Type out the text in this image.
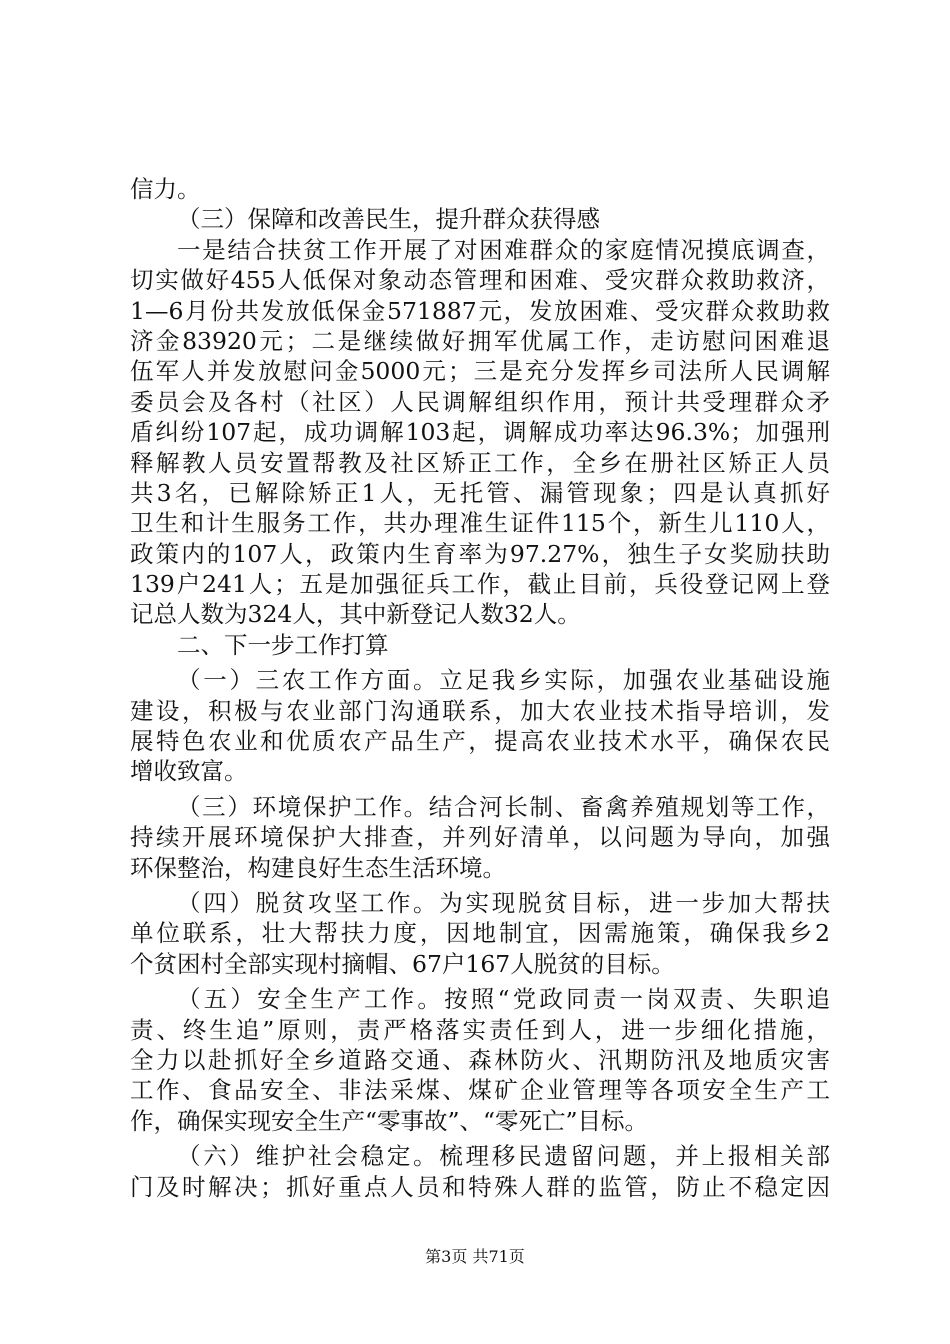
信力。
（三）保障和改善民生，提升群众获得感
一是结合扶贫工作开展了对困难群众的家庭情况摸底调查，
切实做好455人低保对象动态管理和困难、受灾群众救助救济，
1—6月份共发放低保金571887元，发放困难、受灾群众救助救
济金83920元；二是继续做好拥军优属工作，走访慰问困难退
伍军人并发放慰问金5000元；三是充分发挥乡司法所人民调解
委员会及各村（社区）人民调解组织作用，预计共受理群众矛
盾纠纷107起，成功调解103起，调解成功率达96.3%；加强刑
释解教人员安置帮教及社区矫正工作，全乡在册社区矫正人员
共3名，已解除矫正1人，无托管、漏管现象；四是认真抓好
卫生和计生服务工作，共办理准生证件115个，新生儿110人，
政策内的107人，政策内生育率为97.27%，独生子女奖励扶助
139户241人；五是加强征兵工作，截止目前，兵役登记网上登
记总人数为324人，其中新登记人数32人。
二、下一步工作打算
（一）三农工作方面。立足我乡实际，加强农业基础设施
建设，积极与农业部门沟通联系，加大农业技术指导培训，发
展特色农业和优质农产品生产，提高农业技术水平，确保农民
增收致富。
（三）环境保护工作。结合河长制、畜禽养殖规划等工作，
持续开展环境保护大排查，并列好清单，以问题为导向，加强
环保整治，构建良好生态生活环境。
（四）脱贫攻坚工作。为实现脱贫目标，进一步加大帮扶
单位联系，壮大帮扶力度，因地制宜，因需施策，确保我乡2
个贫困村全部实现村摘帽、67户167人脱贫的目标。
（五）安全生产工作。按照“党政同责一岗双责、失职追
责、终生追”原则，责严格落实责任到人，进一步细化措施，
全力以赴抓好全乡道路交通、森林防火、汛期防汛及地质灾害
工作、食品安全、非法采煤、煤矿企业管理等各项安全生产工
作，确保实现安全生产“零事故”、“零死亡”目标。
（六）维护社会稳定。梳理移民遗留问题，并上报相关部
门及时解决；抓好重点人员和特殊人群的监管，防止不稳定因
第3页 共71页
